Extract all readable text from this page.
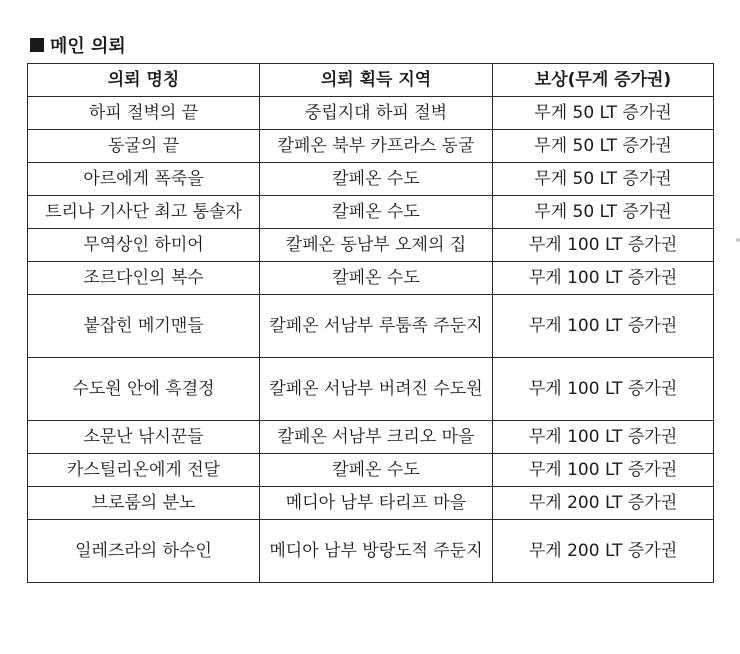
메인 의뢰
의뢰 명칭	의뢰 획득 지역	보상(무게 증가권)
하피 절벽의 끝	중립지대 하피 절벽	무게 50 LT 증가권
동굴의 끝	칼페온 북부 카프라스 동굴	무게 50 LT 증가권
아르에게 폭죽을	칼페온 수도	무게 50 LT 증가권
트리나 기사단 최고 통솔자	칼페온 수도	무게 50 LT 증가권
무역상인 하미어	칼페온 동남부 오제의 집	무게 100 LT 증가권
조르다인의 복수	칼페온 수도	무게 100 LT 증가권
붙잡힌 메기맨들	칼페온 서남부 루툼족 주둔지	무게 100 LT 증가권
수도원 안에 흑결정	칼페온 서남부 버려진 수도원	무게 100 LT 증가권
소문난 낚시꾼들	칼페온 서남부 크리오 마을	무게 100 LT 증가권
카스틸리온에게 전달	칼페온 수도	무게 100 LT 증가권
브로룸의 분노	메디아 남부 타리프 마을	무게 200 LT 증가권
일레즈라의 하수인	메디아 남부 방랑도적 주둔지	무게 200 LT 증가권
